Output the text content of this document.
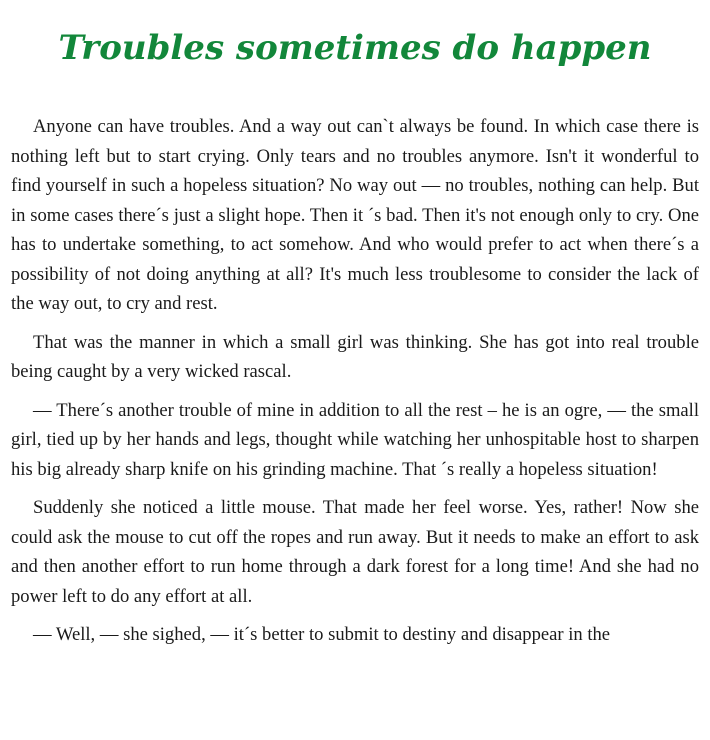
Troubles sometimes do happen

Anyone can have troubles. And a way out can`t always be found. In which case there is nothing left but to start crying. Only tears and no troubles anymore. Isn't it wonderful to find yourself in such a hopeless situation? No way out — no troubles, nothing can help. But in some cases there´s just a slight hope. Then it ´s bad. Then it's not enough only to cry. One has to undertake something, to act somehow. And who would prefer to act when there´s a possibility of not doing anything at all? It's much less troublesome to consider the lack of the way out, to cry and rest.

That was the manner in which a small girl was thinking. She has got into real trouble being caught by a very wicked rascal.

— There´s another trouble of mine in addition to all the rest – he is an ogre, — the small girl, tied up by her hands and legs, thought while watching her unhospitable host to sharpen his big already sharp knife on his grinding machine. That ´s really a hopeless situation!

Suddenly she noticed a little mouse. That made her feel worse. Yes, rather! Now she could ask the mouse to cut off the ropes and run away. But it needs to make an effort to ask and then another effort to run home through a dark forest for a long time! And she had no power left to do any effort at all.

— Well, — she sighed, — it´s better to submit to destiny and disappear in the
